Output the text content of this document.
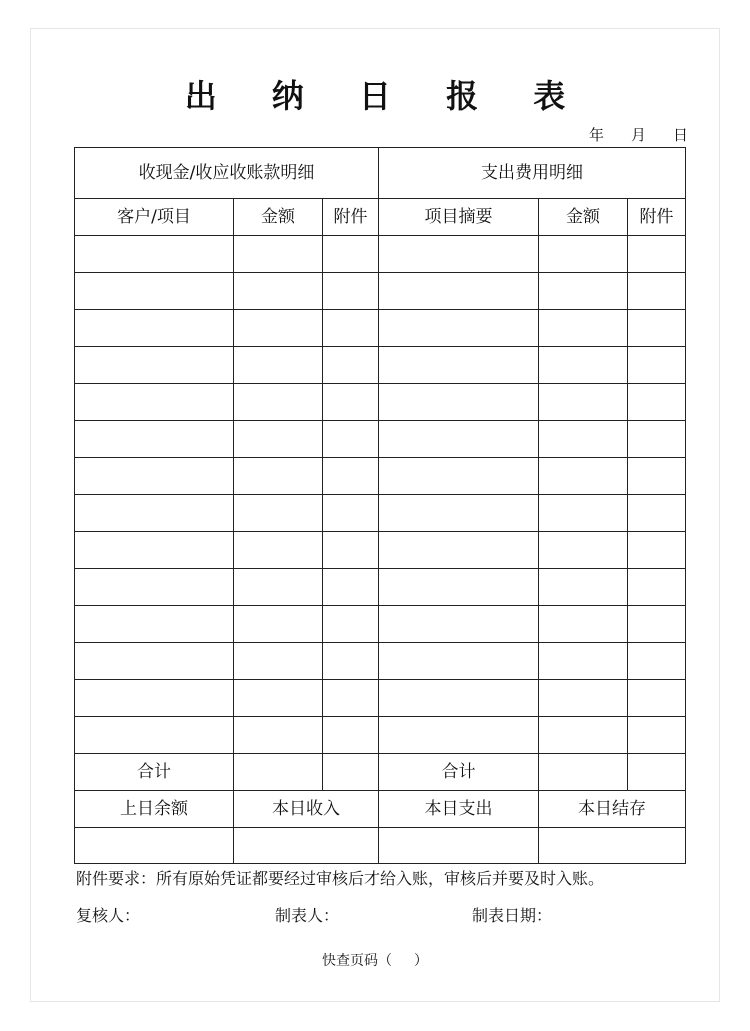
出 纳 日 报 表
年 月 日
收现金/收应收账款明细			支出费用明细		
客户/项目	金额	附件	项目摘要	金额	附件

合计			合计		
上日余额	本日收入		本日支出	本日结存	

附件要求：所有原始凭证都要经过审核后才给入账，审核后并要及时入账。
复核人：	制表人：	制表日期：
快查页码（ ）
